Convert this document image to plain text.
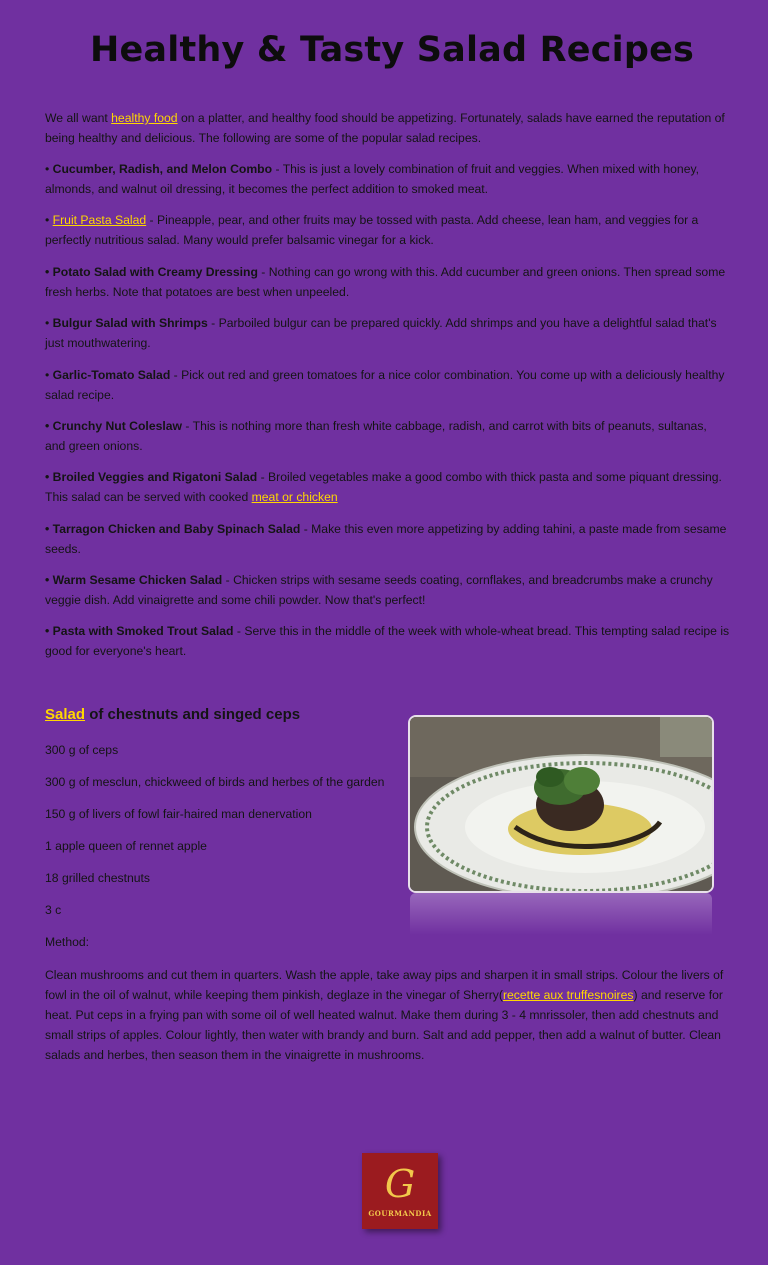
Healthy & Tasty Salad Recipes

We all want healthy food on a platter, and healthy food should be appetizing. Fortunately, salads have earned the reputation of being healthy and delicious. The following are some of the popular salad recipes.

• Cucumber, Radish, and Melon Combo - This is just a lovely combination of fruit and veggies. When mixed with honey, almonds, and walnut oil dressing, it becomes the perfect addition to smoked meat.

• Fruit Pasta Salad - Pineapple, pear, and other fruits may be tossed with pasta. Add cheese, lean ham, and veggies for a perfectly nutritious salad. Many would prefer balsamic vinegar for a kick.

• Potato Salad with Creamy Dressing - Nothing can go wrong with this. Add cucumber and green onions. Then spread some fresh herbs. Note that potatoes are best when unpeeled.

• Bulgur Salad with Shrimps - Parboiled bulgur can be prepared quickly. Add shrimps and you have a delightful salad that's just mouthwatering.

• Garlic-Tomato Salad - Pick out red and green tomatoes for a nice color combination. You come up with a deliciously healthy salad recipe.

• Crunchy Nut Coleslaw - This is nothing more than fresh white cabbage, radish, and carrot with bits of peanuts, sultanas, and green onions.

• Broiled Veggies and Rigatoni Salad - Broiled vegetables make a good combo with thick pasta and some piquant dressing. This salad can be served with cooked meat or chicken

• Tarragon Chicken and Baby Spinach Salad - Make this even more appetizing by adding tahini, a paste made from sesame seeds.

• Warm Sesame Chicken Salad - Chicken strips with sesame seeds coating, cornflakes, and breadcrumbs make a crunchy veggie dish. Add vinaigrette and some chili powder. Now that's perfect!

• Pasta with Smoked Trout Salad - Serve this in the middle of the week with whole-wheat bread. This tempting salad recipe is good for everyone's heart.

Salad of chestnuts and singed ceps

300 g of ceps

300 g of mesclun, chickweed of birds and herbes of the garden

150 g of livers of fowl fair-haired man denervation

1 apple queen of rennet apple

18 grilled chestnuts

3 c

Method:

Clean mushrooms and cut them in quarters. Wash the apple, take away pips and sharpen it in small strips. Colour the livers of fowl in the oil of walnut, while keeping them pinkish, deglaze in the vinegar of Sherry(recette aux truffesnoires) and reserve for heat. Put ceps in a frying pan with some oil of well heated walnut. Make them during 3 - 4 mnrissoler, then add chestnuts and small strips of apples. Colour lightly, then water with brandy and burn. Salt and add pepper, then add a walnut of butter. Clean salads and herbes, then season them in the vinaigrette in mushrooms.

G
GOURMANDIA
